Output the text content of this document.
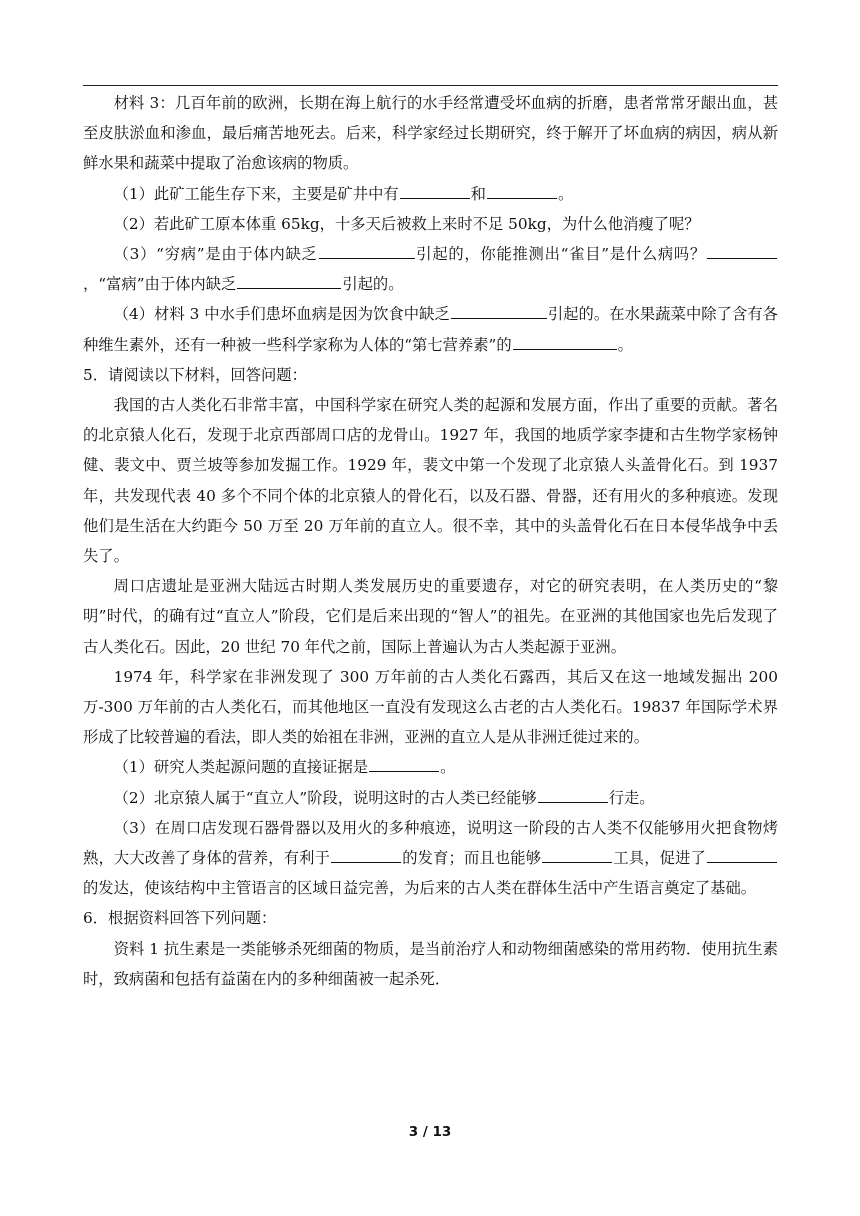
材料 3：几百年前的欧洲，长期在海上航行的水手经常遭受坏血病的折磨，患者常常牙龈出血，甚至皮肤淤血和渗血，最后痛苦地死去。后来，科学家经过长期研究，终于解开了坏血病的病因，病从新鲜水果和蔬菜中提取了治愈该病的物质。

（1）此矿工能生存下来，主要是矿井中有	和	。

（2）若此矿工原本体重 65kg，十多天后被救上来时不足 50kg，为什么他消瘦了呢？

（3）“穷病”是由于体内缺乏	引起的，你能推测出“雀目”是什么病吗？，“富病”由于体内缺乏	引起的。

（4）材料 3 中水手们患坏血病是因为饮食中缺乏	引起的。在水果蔬菜中除了含有各种维生素外，还有一种被一些科学家称为人体的“第七营养素”的	。

5．请阅读以下材料，回答问题：

我国的古人类化石非常丰富，中国科学家在研究人类的起源和发展方面，作出了重要的贡献。著名的北京猿人化石，发现于北京西部周口店的龙骨山。1927 年，我国的地质学家李捷和古生物学家杨钟健、裴文中、贾兰坡等参加发掘工作。1929 年，裴文中第一个发现了北京猿人头盖骨化石。到 1937 年，共发现代表 40 多个不同个体的北京猿人的骨化石，以及石器、骨器，还有用火的多种痕迹。发现他们是生活在大约距今 50 万至 20 万年前的直立人。很不幸，其中的头盖骨化石在日本侵华战争中丢失了。

周口店遗址是亚洲大陆远古时期人类发展历史的重要遗存，对它的研究表明，在人类历史的“黎明”时代，的确有过“直立人”阶段，它们是后来出现的“智人”的祖先。在亚洲的其他国家也先后发现了古人类化石。因此，20 世纪 70 年代之前，国际上普遍认为古人类起源于亚洲。

1974 年，科学家在非洲发现了 300 万年前的古人类化石露西，其后又在这一地域发掘出 200 万-300 万年前的古人类化石，而其他地区一直没有发现这么古老的古人类化石。19837 年国际学术界形成了比较普遍的看法，即人类的始祖在非洲，亚洲的直立人是从非洲迁徙过来的。

（1）研究人类起源问题的直接证据是	。

（2）北京猿人属于“直立人”阶段，说明这时的古人类已经能够	行走。

（3）在周口店发现石器骨器以及用火的多种痕迹，说明这一阶段的古人类不仅能够用火把食物烤熟，大大改善了身体的营养，有利于	的发育；而且也能够	工具，促进了的发达，使该结构中主管语言的区域日益完善，为后来的古人类在群体生活中产生语言奠定了基础。

6．根据资料回答下列问题：

资料 1 抗生素是一类能够杀死细菌的物质，是当前治疗人和动物细菌感染的常用药物．使用抗生素时，致病菌和包括有益菌在内的多种细菌被一起杀死．

3 / 13
